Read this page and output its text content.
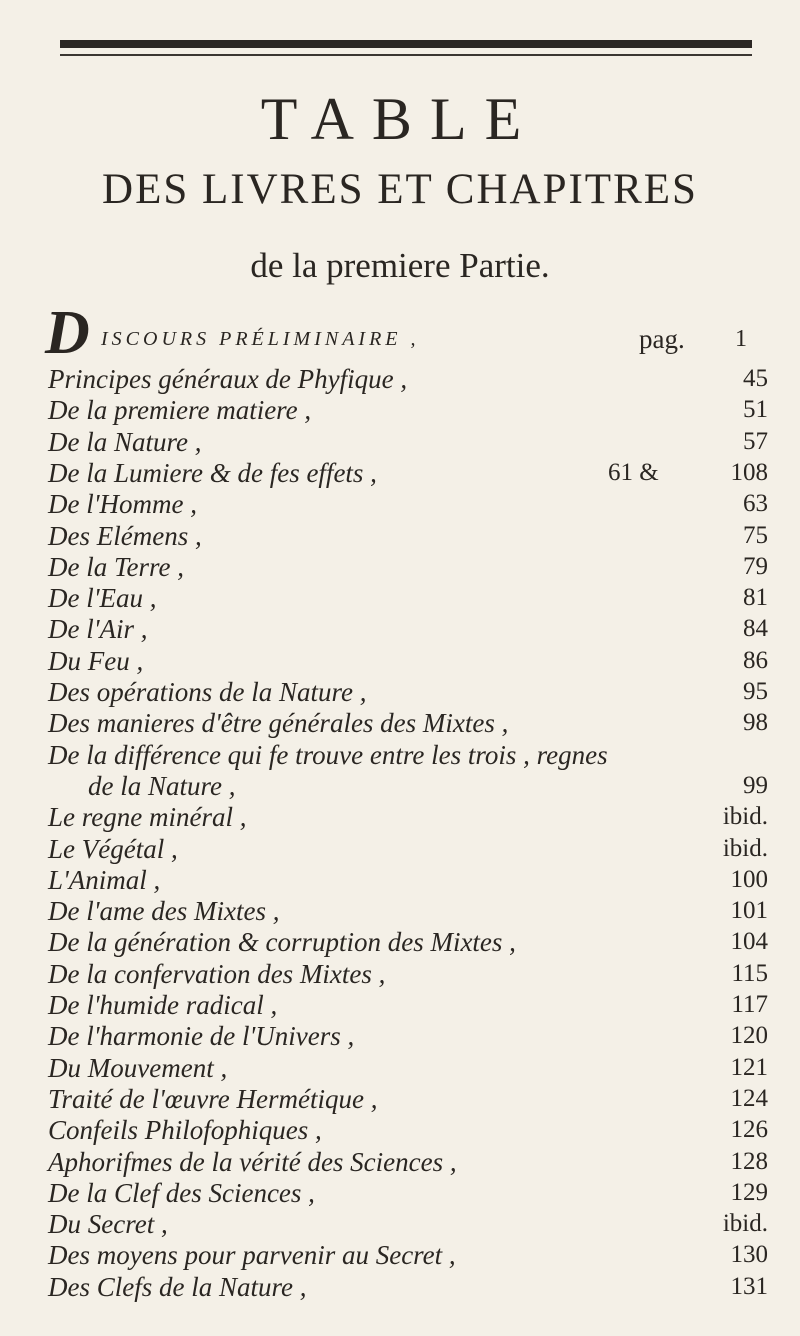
TABLE
DES LIVRES ET CHAPITRES
de la premiere Partie.
D ISCOURS PRÉLIMINAIRE ,	pag. 1
Principes généraux de Phyfique ,	45
De la premiere matiere ,	51
De la Nature ,	57
De la Lumiere & de fes effets ,	61 &	108
De l'Homme ,	63
Des Elémens ,	75
De la Terre ,	79
De l'Eau ,	81
De l'Air ,	84
Du Feu ,	86
Des opérations de la Nature ,	95
Des manieres d'être générales des Mixtes ,	98
De la différence qui fe trouve entre les trois , regnes
de la Nature ,	99
Le regne minéral ,	ibid.
Le Végétal ,	ibid.
L'Animal ,	100
De l'ame des Mixtes ,	101
De la génération & corruption des Mixtes ,	104
De la confervation des Mixtes ,	115
De l'humide radical ,	117
De l'harmonie de l'Univers ,	120
Du Mouvement ,	121
Traité de l'œuvre Hermétique ,	124
Confeils Philofophiques ,	126
Aphorifmes de la vérité des Sciences ,	128
De la Clef des Sciences ,	129
Du Secret ,	ibid.
Des moyens pour parvenir au Secret ,	130
Des Clefs de la Nature ,	131
